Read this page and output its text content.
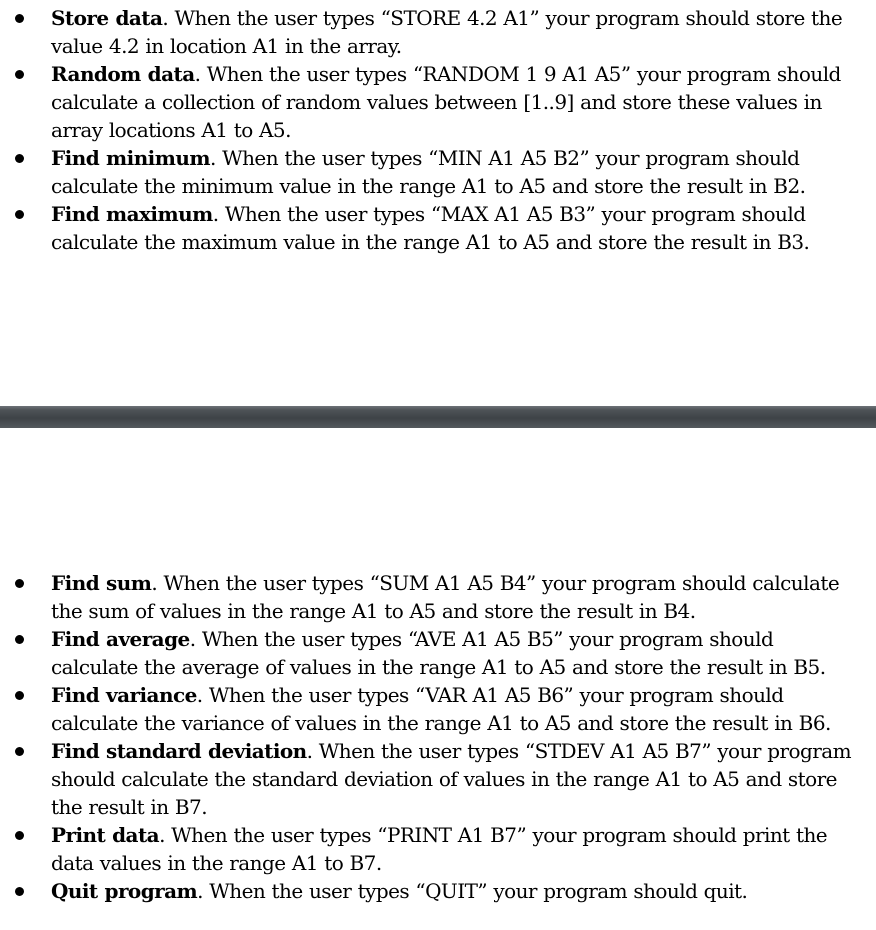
Store data. When the user types “STORE 4.2 A1” your program should store the value 4.2 in location A1 in the array.
Random data. When the user types “RANDOM 1 9 A1 A5” your program should calculate a collection of random values between [1..9] and store these values in array locations A1 to A5.
Find minimum. When the user types “MIN A1 A5 B2” your program should calculate the minimum value in the range A1 to A5 and store the result in B2.
Find maximum. When the user types “MAX A1 A5 B3” your program should calculate the maximum value in the range A1 to A5 and store the result in B3.
Find sum. When the user types “SUM A1 A5 B4” your program should calculate the sum of values in the range A1 to A5 and store the result in B4.
Find average. When the user types “AVE A1 A5 B5” your program should calculate the average of values in the range A1 to A5 and store the result in B5.
Find variance. When the user types “VAR A1 A5 B6” your program should calculate the variance of values in the range A1 to A5 and store the result in B6.
Find standard deviation. When the user types “STDEV A1 A5 B7” your program should calculate the standard deviation of values in the range A1 to A5 and store the result in B7.
Print data. When the user types “PRINT A1 B7” your program should print the data values in the range A1 to B7.
Quit program. When the user types “QUIT” your program should quit.
